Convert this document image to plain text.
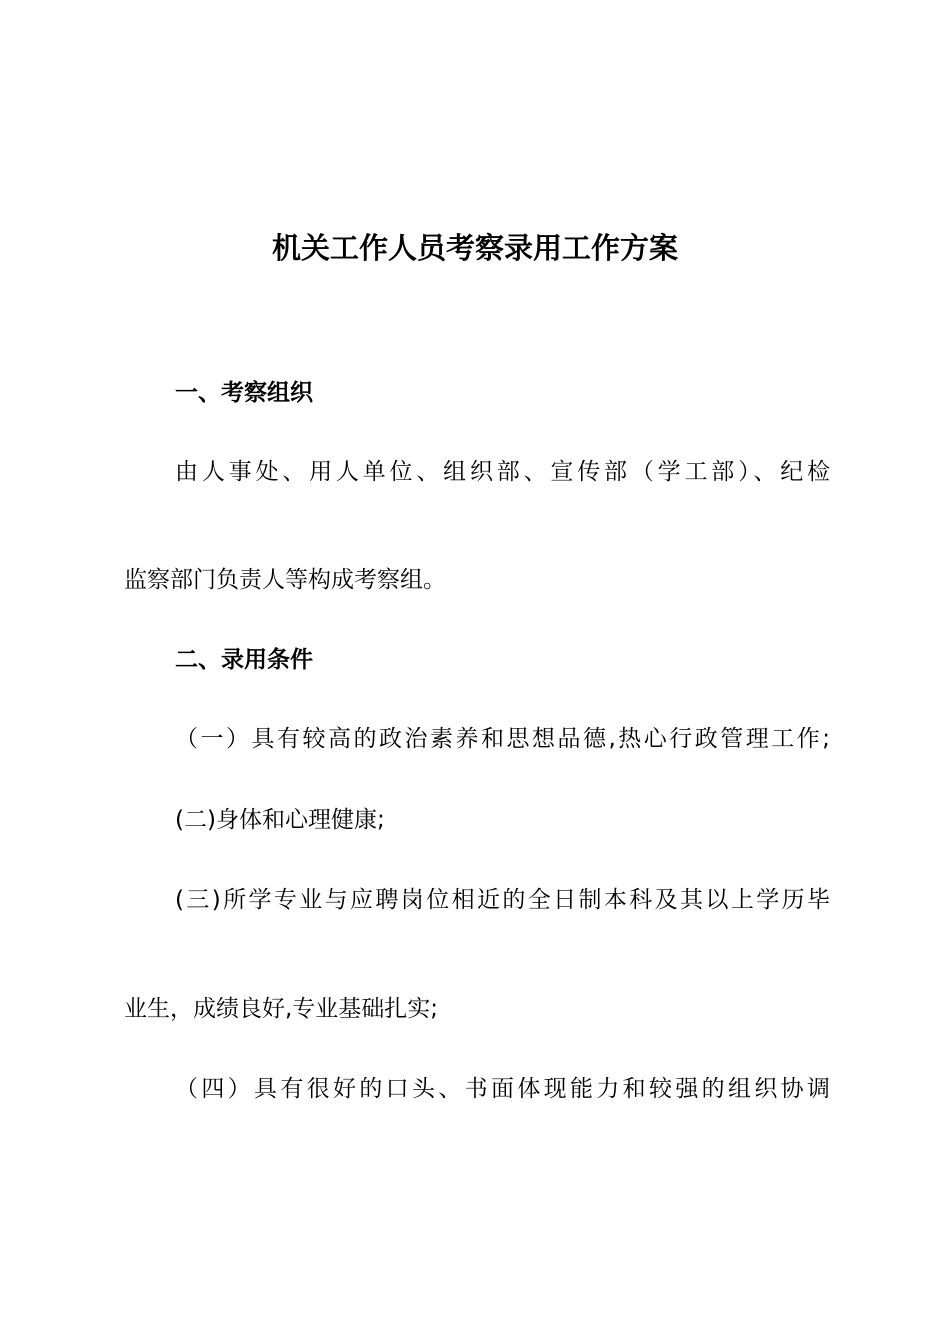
机关工作人员考察录用工作方案
一、考察组织
由人事处、用人单位、组织部、宣传部（学工部）、纪检
监察部门负责人等构成考察组。
二、录用条件
（一）具有较高的政治素养和思想品德,热心行政管理工作;
(二)身体和心理健康;
(三)所学专业与应聘岗位相近的全日制本科及其以上学历毕
业生，成绩良好,专业基础扎实;
（四）具有很好的口头、书面体现能力和较强的组织协调
